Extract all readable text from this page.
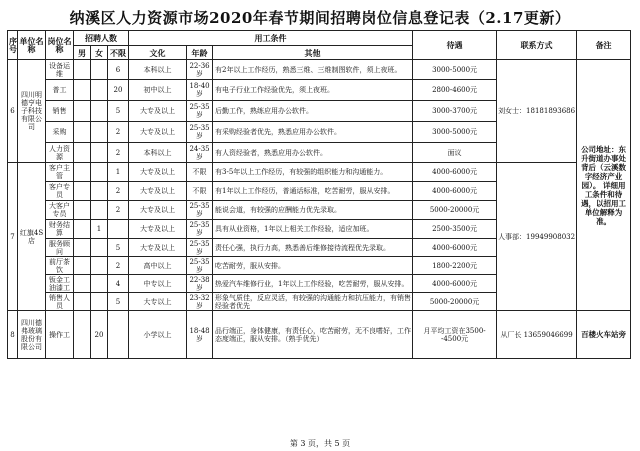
纳溪区人力资源市场2020年春节期间招聘岗位信息登记表（2.17更新）
序号	单位名称	岗位名称	招聘人数			用工条件			待遇	联系方式	备注
			男	女	不限	文化	年龄	其他			
6	四川明德亨电子科技有限公司	设备运维			6	本科以上	22-36岁	有2年以上工作经历，熟悉三维、三维制图软件，须上夜班。	3000-5000元	刘女士：18181893686	公司地址：东升街道办事处背后（云溪数字经济产业园）。 详细用工条件和待遇，以招用工单位解释为准。
		普工			20	初中以上	18-40岁	有电子行业工作经验优先，须上夜班。	2800-4600元		
		销售			5	大专及以上	25-35岁	后勤工作，熟练应用办公软件。	3000-3700元		
		采购			2	大专及以上	25-35岁	有采购经验者优先，熟悉应用办公软件。	3000-5000元		
		人力资源			2	本科以上	24-35岁	有人资经验者，熟悉应用办公软件。	面议		
7	红旗4S店	客户主管			1	大专及以上	不限	有3-5年以上工作经历，有较强的组织能力和沟通能力。	4000-6000元	人事部：19949908032	
		客户专员			2	大专及以上	不限	有1年以上工作经历，普通话标准，吃苦耐劳，服从安排。	4000-6000元		
		大客户专员			2	大专及以上	25-35岁	能说会道，有较强的应酬能力优先录取。	5000-20000元		
		财务结算		1		大专及以上	25-35岁	具有从业资格，1年以上相关工作经验，适应加班。	2500-3500元		
		服务顾问			5	大专及以上	25-35岁	责任心强，执行力高，熟悉善后维修接待流程优先录取。	4000-6000元		
		前厅茶饮			2	高中以上	25-35岁	吃苦耐劳，服从安排。	1800-2200元		
		钣金工油漆工			4	中专以上	22-38岁	热爱汽车维修行业，1年以上工作经验，吃苦耐劳，服从安排。	4000-6000元		
		销售人员			5	大专以上	23-32岁	形象气质佳，反应灵活，有较强的沟通能力和抗压能力，有销售经验者优先	5000-20000元		
8	四川德弗玻璃股份有限公司	操作工		20		小学以上	18-48岁	品行端正，身体健康，有责任心，吃苦耐劳，无不良嗜好，工作态度端正，服从安排。（熟手优先）	月平均工资在3500--4500元	从厂长 13659046699	百楼火车站旁
第 3 页，共 5 页
